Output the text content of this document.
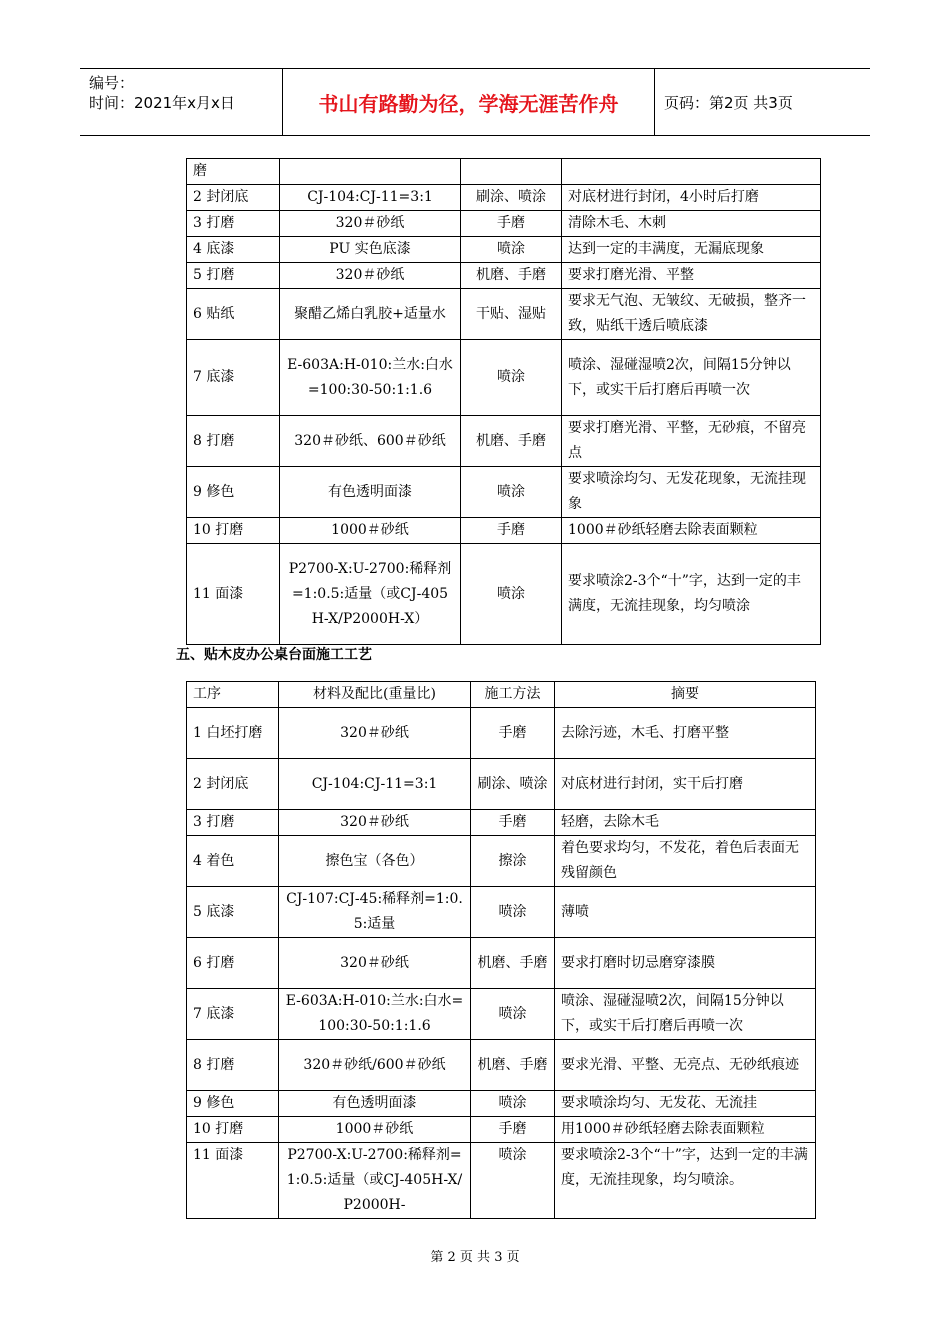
编号：
时间：2021年x月x日	书山有路勤为径，学海无涯苦作舟	页码：第2页 共3页
磨			
2 封闭底	CJ-104:CJ-11=3:1	刷涂、喷涂	对底材进行封闭，4小时后打磨
3 打磨	320＃砂纸	手磨	清除木毛、木刺
4 底漆	PU 实色底漆	喷涂	达到一定的丰满度，无漏底现象
5 打磨	320＃砂纸	机磨、手磨	要求打磨光滑、平整
6 贴纸	聚醋乙烯白乳胶+适量水	干贴、湿贴	要求无气泡、无皱纹、无破损，整齐一致，贴纸干透后喷底漆
7 底漆	E-603A:H-010:兰水:白水=100:30-50:1:1.6	喷涂	喷涂、湿碰湿喷2次，间隔15分钟以下，或实干后打磨后再喷一次
8 打磨	320＃砂纸、600＃砂纸	机磨、手磨	要求打磨光滑、平整，无砂痕，不留亮点
9 修色	有色透明面漆	喷涂	要求喷涂均匀、无发花现象，无流挂现象
10 打磨	1000＃砂纸	手磨	1000＃砂纸轻磨去除表面颗粒
11 面漆	P2700-X:U-2700:稀释剂=1:0.5:适量（或CJ-405H-X/P2000H-X）	喷涂	要求喷涂2-3个“十”字，达到一定的丰满度，无流挂现象，均匀喷涂
五、贴木皮办公桌台面施工工艺
工序	材料及配比(重量比)	施工方法	摘要
1 白坯打磨	320＃砂纸	手磨	去除污迹，木毛、打磨平整
2 封闭底	CJ-104:CJ-11=3:1	刷涂、喷涂	对底材进行封闭，实干后打磨
3 打磨	320＃砂纸	手磨	轻磨，去除木毛
4 着色	擦色宝（各色）	擦涂	着色要求均匀，不发花，着色后表面无残留颜色
5 底漆	CJ-107:CJ-45:稀释剂=1:0.5:适量	喷涂	薄喷
6 打磨	320＃砂纸	机磨、手磨	要求打磨时切忌磨穿漆膜
7 底漆	E-603A:H-010:兰水:白水=100:30-50:1:1.6	喷涂	喷涂、湿碰湿喷2次，间隔15分钟以下，或实干后打磨后再喷一次
8 打磨	320＃砂纸/600＃砂纸	机磨、手磨	要求光滑、平整、无亮点、无砂纸痕迹
9 修色	有色透明面漆	喷涂	要求喷涂均匀、无发花、无流挂
10 打磨	1000＃砂纸	手磨	用1000＃砂纸轻磨去除表面颗粒
11 面漆	P2700-X:U-2700:稀释剂=1:0.5:适量（或CJ-405H-X/P2000H-	喷涂	要求喷涂2-3个“十”字，达到一定的丰满度，无流挂现象，均匀喷涂。
第 2 页 共 3 页
